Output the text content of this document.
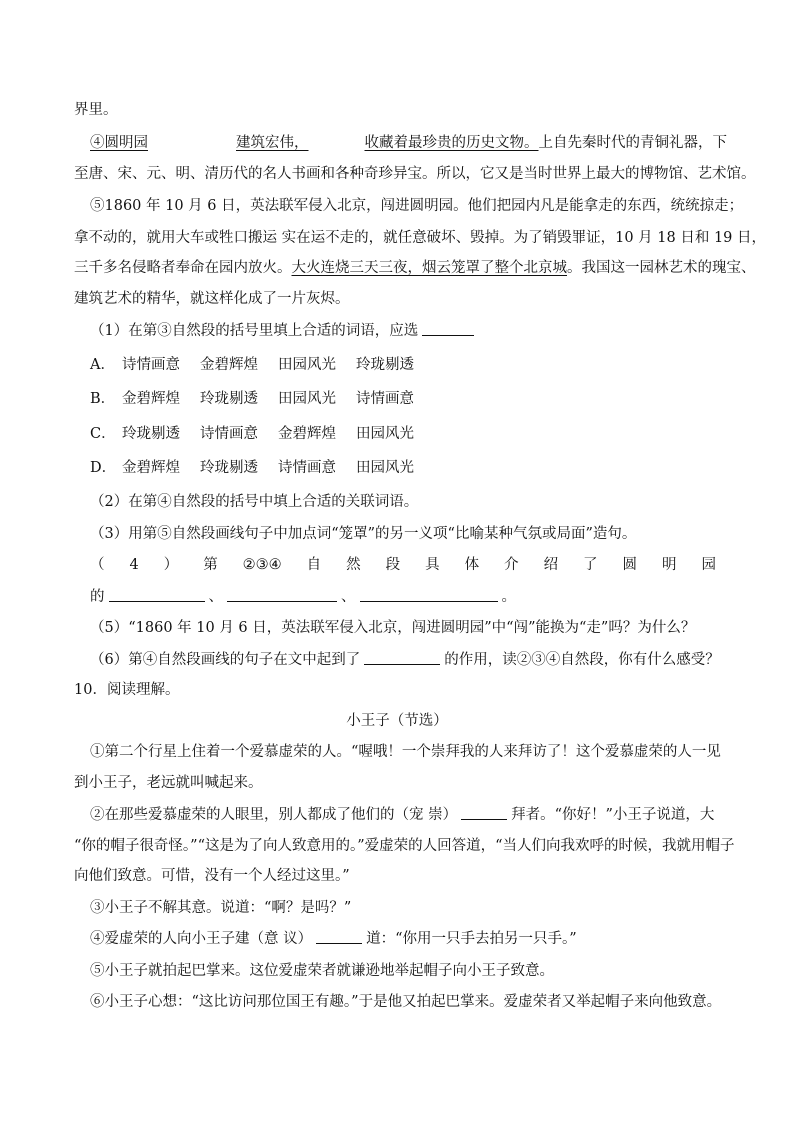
界里。
④圆明园	建筑宏伟，	收藏着最珍贵的历史文物。上自先秦时代的青铜礼器，下
至唐、宋、元、明、清历代的名人书画和各种奇珍异宝。所以，它又是当时世界上最大的博物馆、艺术馆。
⑤1860 年 10 月 6 日，英法联军侵入北京，闯进圆明园。他们把园内凡是能拿走的东西，统统掠走；
拿不动的，就用大车或牲口搬运 实在运不走的，就任意破坏、毁掉。为了销毁罪证，10 月 18 日和 19 日，
三千多名侵略者奉命在园内放火。大火连烧三天三夜，烟云笼罩了整个北京城。我国这一园林艺术的瑰宝、
建筑艺术的精华，就这样化成了一片灰烬。
（1）在第③自然段的括号里填上合适的词语，应选
A． 诗情画意 金碧辉煌 田园风光 玲珑剔透
B． 金碧辉煌 玲珑剔透 田园风光 诗情画意
C． 玲珑剔透 诗情画意 金碧辉煌 田园风光
D． 金碧辉煌 玲珑剔透 诗情画意 田园风光
（2）在第④自然段的括号中填上合适的关联词语。
（3）用第⑤自然段画线句子中加点词“笼罩”的另一义项“比喻某种气氛或局面”造句。
（ 4 ） 第 ②③④ 自 然 段 具 体 介 绍 了 圆 明 园
的	、	、	。
（5）“1860 年 10 月 6 日，英法联军侵入北京，闯进圆明园”中“闯”能换为“走”吗？为什么？
（6）第④自然段画线的句子在文中起到了	的作用，读②③④自然段，你有什么感受？
10．阅读理解。
小王子（节选）
①第二个行星上住着一个爱慕虚荣的人。“喔哦！一个崇拜我的人来拜访了！这个爱慕虚荣的人一见
到小王子，老远就叫喊起来。
②在那些爱慕虚荣的人眼里，别人都成了他们的（宠 崇）	拜者。“你好！”小王子说道，大
“你的帽子很奇怪。”“这是为了向人致意用的。”爱虚荣的人回答道，“当人们向我欢呼的时候，我就用帽子
向他们致意。可惜，没有一个人经过这里。”
③小王子不解其意。说道：“啊？是吗？”
④爱虚荣的人向小王子建（意 议）	道：“你用一只手去拍另一只手。”
⑤小王子就拍起巴掌来。这位爱虚荣者就谦逊地举起帽子向小王子致意。
⑥小王子心想：“这比访问那位国王有趣。”于是他又拍起巴掌来。爱虚荣者又举起帽子来向他致意。
